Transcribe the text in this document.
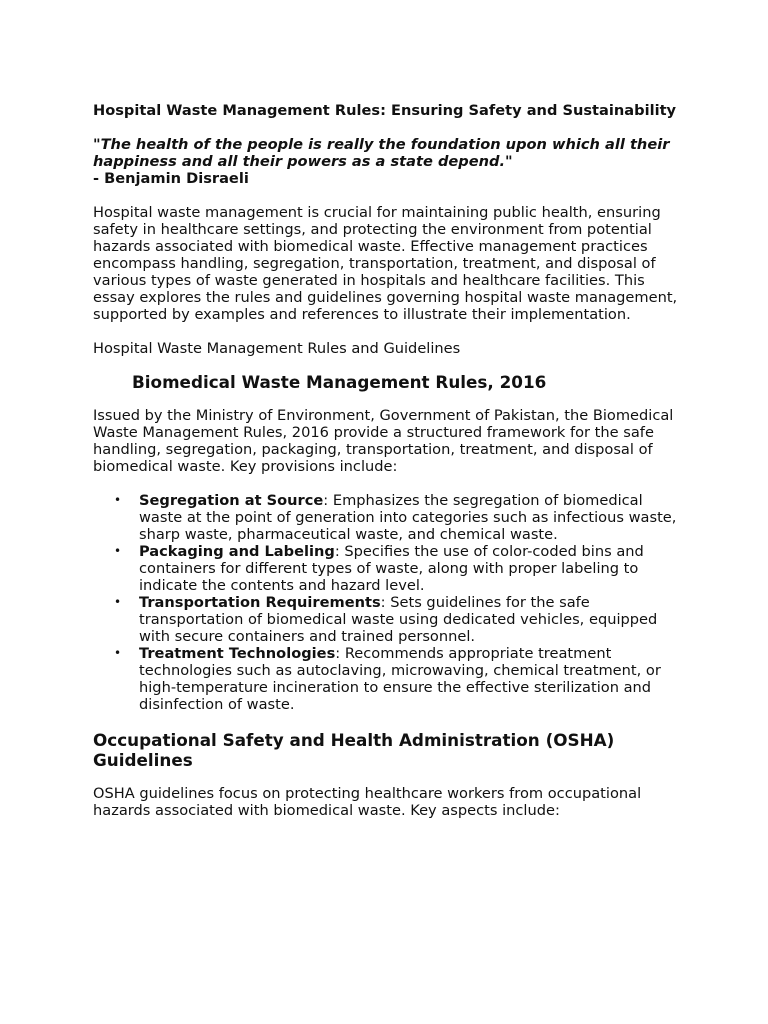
Hospital Waste Management Rules: Ensuring Safety and Sustainability

"The health of the people is really the foundation upon which all their happiness and all their powers as a state depend."
- Benjamin Disraeli

Hospital waste management is crucial for maintaining public health, ensuring safety in healthcare settings, and protecting the environment from potential hazards associated with biomedical waste. Effective management practices encompass handling, segregation, transportation, treatment, and disposal of various types of waste generated in hospitals and healthcare facilities. This essay explores the rules and guidelines governing hospital waste management, supported by examples and references to illustrate their implementation.

Hospital Waste Management Rules and Guidelines

Biomedical Waste Management Rules, 2016

Issued by the Ministry of Environment, Government of Pakistan, the Biomedical Waste Management Rules, 2016 provide a structured framework for the safe handling, segregation, packaging, transportation, treatment, and disposal of biomedical waste. Key provisions include:

• Segregation at Source: Emphasizes the segregation of biomedical waste at the point of generation into categories such as infectious waste, sharp waste, pharmaceutical waste, and chemical waste.
• Packaging and Labeling: Specifies the use of color-coded bins and containers for different types of waste, along with proper labeling to indicate the contents and hazard level.
• Transportation Requirements: Sets guidelines for the safe transportation of biomedical waste using dedicated vehicles, equipped with secure containers and trained personnel.
• Treatment Technologies: Recommends appropriate treatment technologies such as autoclaving, microwaving, chemical treatment, or high-temperature incineration to ensure the effective sterilization and disinfection of waste.

Occupational Safety and Health Administration (OSHA) Guidelines

OSHA guidelines focus on protecting healthcare workers from occupational hazards associated with biomedical waste. Key aspects include:
